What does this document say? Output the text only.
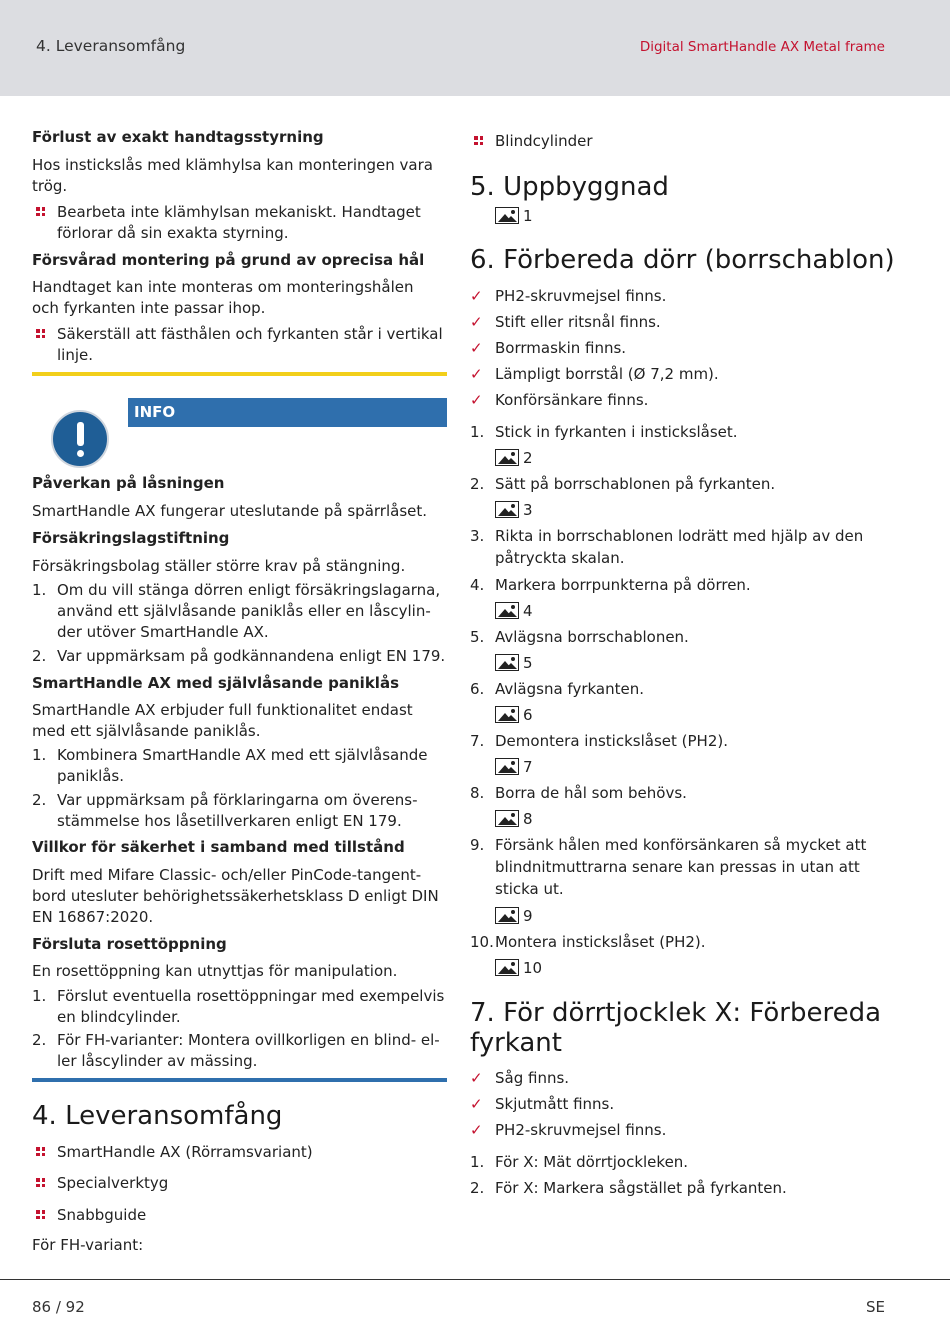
4. Leveransomfång	Digital SmartHandle AX Metal frame
Förlust av exakt handtagsstyrning
Hos instickslås med klämhylsa kan monteringen vara
trög.
Bearbeta inte klämhylsan mekaniskt. Handtaget
förlorar då sin exakta styrning.
Försvårad montering på grund av oprecisa hål
Handtaget kan inte monteras om monteringshålen
och fyrkanten inte passar ihop.
Säkerställ att fästhålen och fyrkanten står i vertikal
linje.
INFO
Påverkan på låsningen
SmartHandle AX fungerar uteslutande på spärrlåset.
Försäkringslagstiftning
Försäkringsbolag ställer större krav på stängning.
1. Om du vill stänga dörren enligt försäkringslagarna,
använd ett självlåsande paniklås eller en låscylin-
der utöver SmartHandle AX.
2. Var uppmärksam på godkännandena enligt EN 179.
SmartHandle AX med självlåsande paniklås
SmartHandle AX erbjuder full funktionalitet endast
med ett självlåsande paniklås.
1. Kombinera SmartHandle AX med ett självlåsande
paniklås.
2. Var uppmärksam på förklaringarna om överens-
stämmelse hos låsetillverkaren enligt EN 179.
Villkor för säkerhet i samband med tillstånd
Drift med Mifare Classic- och/eller PinCode-tangent-
bord utesluter behörighetssäkerhetsklass D enligt DIN
EN 16867:2020.
Försluta rosettöppning
En rosettöppning kan utnyttjas för manipulation.
1. Förslut eventuella rosettöppningar med exempelvis
en blindcylinder.
2. För FH-varianter: Montera ovillkorligen en blind- el-
ler låscylinder av mässing.
4. Leveransomfång
SmartHandle AX (Rörramsvariant)
Specialverktyg
Snabbguide
För FH-variant:
Blindcylinder
5. Uppbyggnad
1
6. Förbereda dörr (borrschablon)
✓ PH2-skruvmejsel finns.
✓ Stift eller ritsnål finns.
✓ Borrmaskin finns.
✓ Lämpligt borrstål (Ø 7,2 mm).
✓ Konförsänkare finns.
1. Stick in fyrkanten i instickslåset.
2
2. Sätt på borrschablonen på fyrkanten.
3
3. Rikta in borrschablonen lodrätt med hjälp av den
påtryckta skalan.
4. Markera borrpunkterna på dörren.
4
5. Avlägsna borrschablonen.
5
6. Avlägsna fyrkanten.
6
7. Demontera instickslåset (PH2).
7
8. Borra de hål som behövs.
8
9. Försänk hålen med konförsänkaren så mycket att
blindnitmuttrarna senare kan pressas in utan att
sticka ut.
9
10. Montera instickslåset (PH2).
10
7. För dörrtjocklek X: Förbereda
fyrkant
✓ Såg finns.
✓ Skjutmått finns.
✓ PH2-skruvmejsel finns.
1. För X: Mät dörrtjockleken.
2. För X: Markera sågstället på fyrkanten.
86 / 92	SE
